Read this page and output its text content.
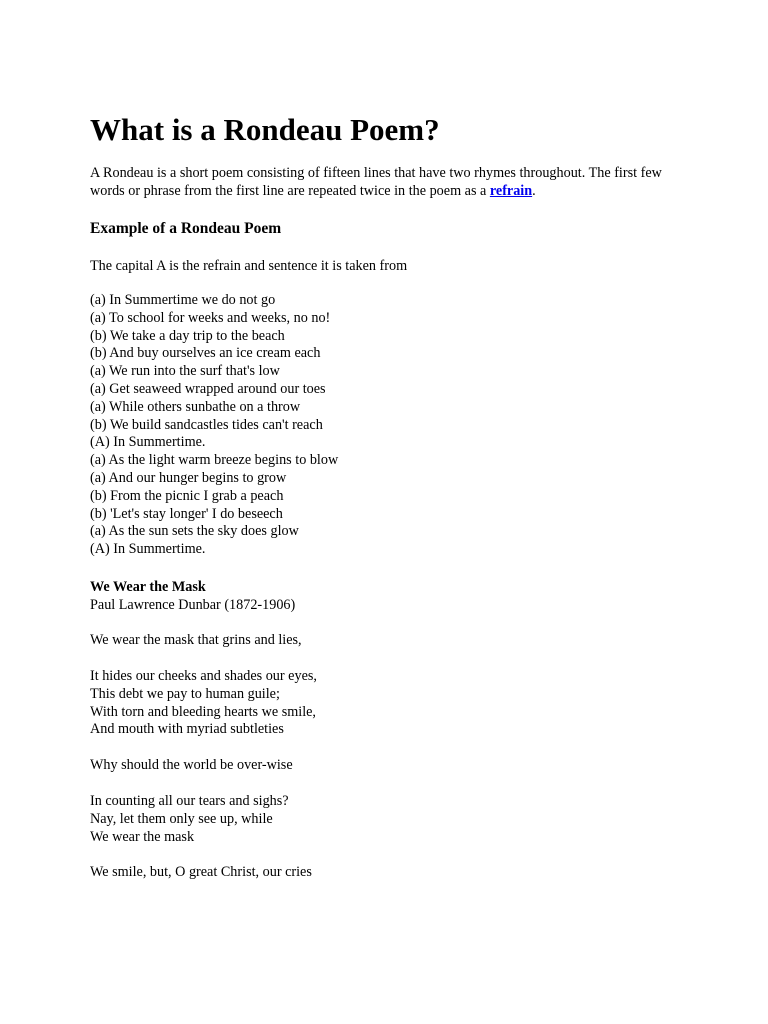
What is a Rondeau Poem?

A Rondeau is a short poem consisting of fifteen lines that have two rhymes throughout. The first few words or phrase from the first line are repeated twice in the poem as a refrain.

Example of a Rondeau Poem

The capital A is the refrain and sentence it is taken from

(a) In Summertime we do not go
(a) To school for weeks and weeks, no no!
(b) We take a day trip to the beach
(b) And buy ourselves an ice cream each
(a) We run into the surf that's low
(a) Get seaweed wrapped around our toes
(a) While others sunbathe on a throw
(b) We build sandcastles tides can't reach
(A) In Summertime.
(a) As the light warm breeze begins to blow
(a) And our hunger begins to grow
(b) From the picnic I grab a peach
(b) 'Let's stay longer' I do beseech
(a) As the sun sets the sky does glow
(A) In Summertime.

We Wear the Mask

Paul Lawrence Dunbar (1872-1906)

We wear the mask that grins and lies,
It hides our cheeks and shades our eyes,
This debt we pay to human guile;
With torn and bleeding hearts we smile,
And mouth with myriad subtleties
Why should the world be over-wise
In counting all our tears and sighs?
Nay, let them only see up, while
We wear the mask
We smile, but, O great Christ, our cries
